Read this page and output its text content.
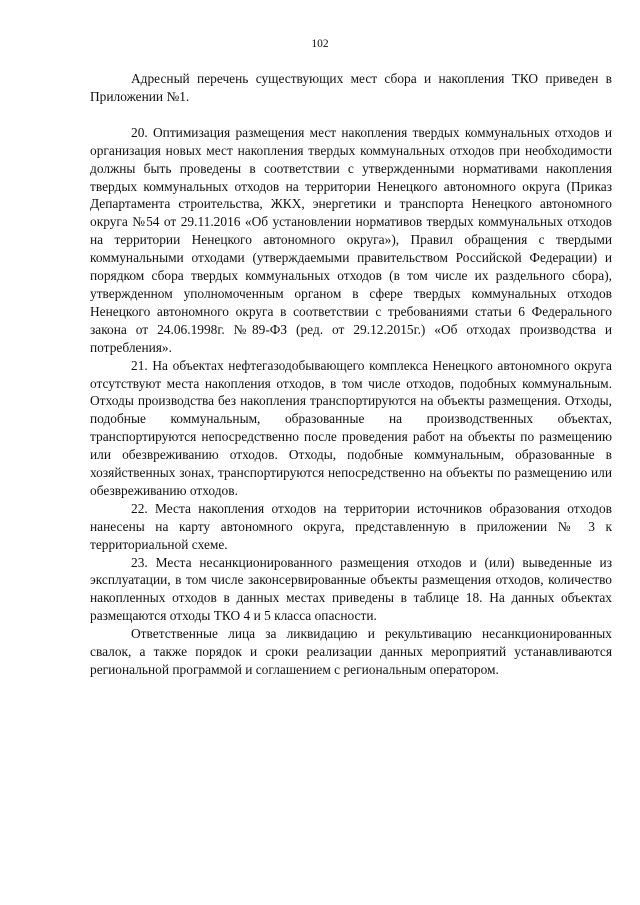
102

Адресный перечень существующих мест сбора и накопления ТКО приведен в Приложении №1.

20. Оптимизация размещения мест накопления твердых коммунальных отходов и организация новых мест накопления твердых коммунальных отходов при необходимости должны быть проведены в соответствии с утвержденными нормативами накопления твердых коммунальных отходов на территории Ненецкого автономного округа (Приказ Департамента строительства, ЖКХ, энергетики и транспорта Ненецкого автономного округа №54 от 29.11.2016 «Об установлении нормативов твердых коммунальных отходов на территории Ненецкого автономного округа»), Правил обращения с твердыми коммунальными отходами (утверждаемыми правительством Российской Федерации) и порядком сбора твердых коммунальных отходов (в том числе их раздельного сбора), утвержденном уполномоченным органом в сфере твердых коммунальных отходов Ненецкого автономного округа в соответствии с требованиями статьи 6 Федерального закона от 24.06.1998г. №89-ФЗ (ред. от 29.12.2015г.) «Об отходах производства и потребления».

21. На объектах нефтегазодобывающего комплекса Ненецкого автономного округа отсутствуют места накопления отходов, в том числе отходов, подобных коммунальным. Отходы производства без накопления транспортируются на объекты размещения. Отходы, подобные коммунальным, образованные на производственных объектах, транспортируются непосредственно после проведения работ на объекты по размещению или обезвреживанию отходов. Отходы, подобные коммунальным, образованные в хозяйственных зонах, транспортируются непосредственно на объекты по размещению или обезвреживанию отходов.

22. Места накопления отходов на территории источников образования отходов нанесены на карту автономного округа, представленную в приложении № 3 к территориальной схеме.

23. Места несанкционированного размещения отходов и (или) выведенные из эксплуатации, в том числе законсервированные объекты размещения отходов, количество накопленных отходов в данных местах приведены в таблице 18. На данных объектах размещаются отходы ТКО 4 и 5 класса опасности.

Ответственные лица за ликвидацию и рекультивацию несанкционированных свалок, а также порядок и сроки реализации данных мероприятий устанавливаются региональной программой и соглашением с региональным оператором.
